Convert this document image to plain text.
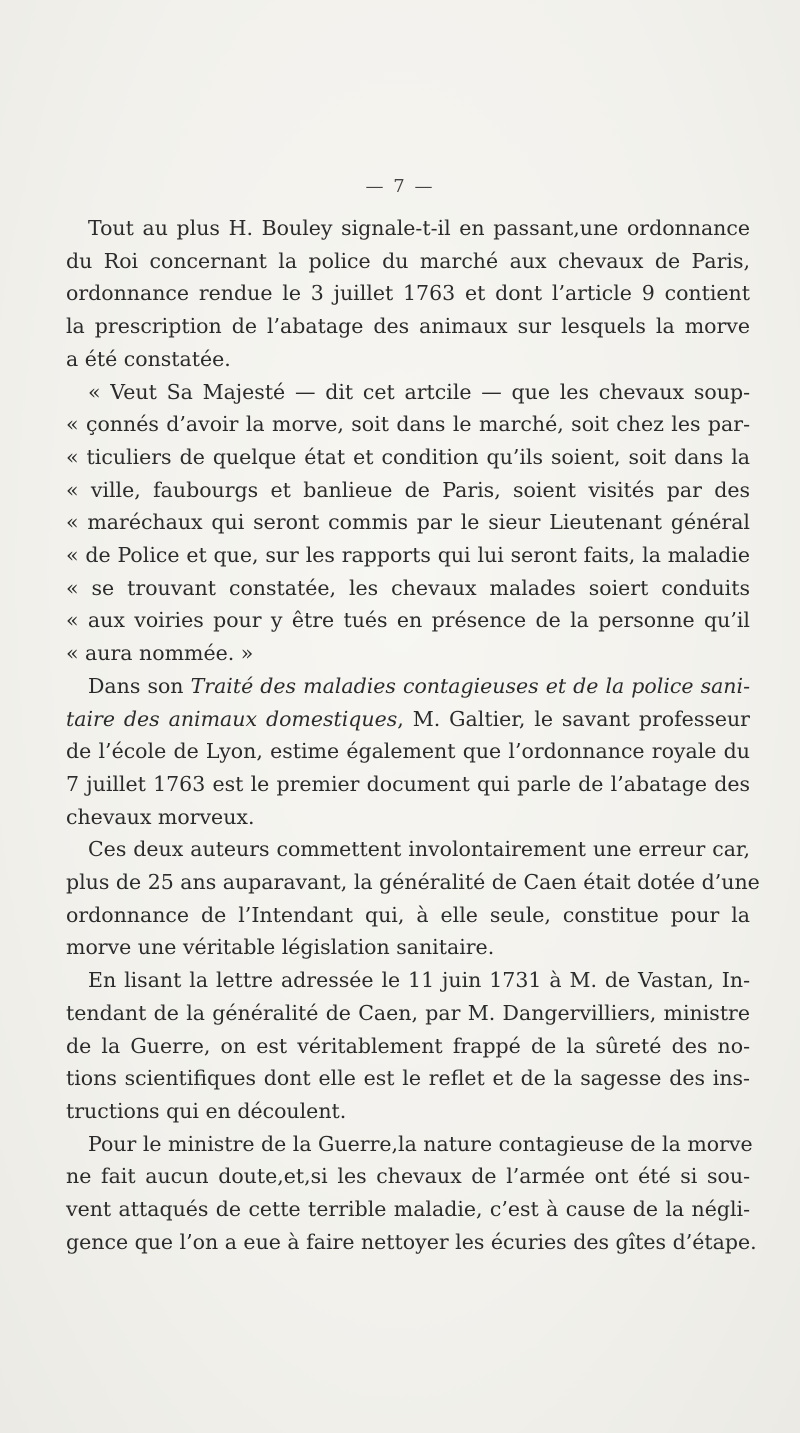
— 7 —
Tout au plus H. Bouley signale-t-il en passant,une ordonnance
du Roi concernant la police du marché aux chevaux de Paris,
ordonnance rendue le 3 juillet 1763 et dont l’article 9 contient
la prescription de l’abatage des animaux sur lesquels la morve
a été constatée.
« Veut Sa Majesté — dit cet artcile — que les chevaux soup-
« çonnés d’avoir la morve, soit dans le marché, soit chez les par-
« ticuliers de quelque état et condition qu’ils soient, soit dans la
« ville, faubourgs et banlieue de Paris, soient visités par des
« maréchaux qui seront commis par le sieur Lieutenant général
« de Police et que, sur les rapports qui lui seront faits, la maladie
« se trouvant constatée, les chevaux malades soiert conduits
« aux voiries pour y être tués en présence de la personne qu’il
« aura nommée. »
Dans son Traité des maladies contagieuses et de la police sani-
taire des animaux domestiques, M. Galtier, le savant professeur
de l’école de Lyon, estime également que l’ordonnance royale du
7 juillet 1763 est le premier document qui parle de l’abatage des
chevaux morveux.
Ces deux auteurs commettent involontairement une erreur car,
plus de 25 ans auparavant, la généralité de Caen était dotée d’une
ordonnance de l’Intendant qui, à elle seule, constitue pour la
morve une véritable législation sanitaire.
En lisant la lettre adressée le 11 juin 1731 à M. de Vastan, In-
tendant de la généralité de Caen, par M. Dangervilliers, ministre
de la Guerre, on est véritablement frappé de la sûreté des no-
tions scientifiques dont elle est le reflet et de la sagesse des ins-
tructions qui en découlent.
Pour le ministre de la Guerre,la nature contagieuse de la morve
ne fait aucun doute,et,si les chevaux de l’armée ont été si sou-
vent attaqués de cette terrible maladie, c’est à cause de la négli-
gence que l’on a eue à faire nettoyer les écuries des gîtes d’étape.
